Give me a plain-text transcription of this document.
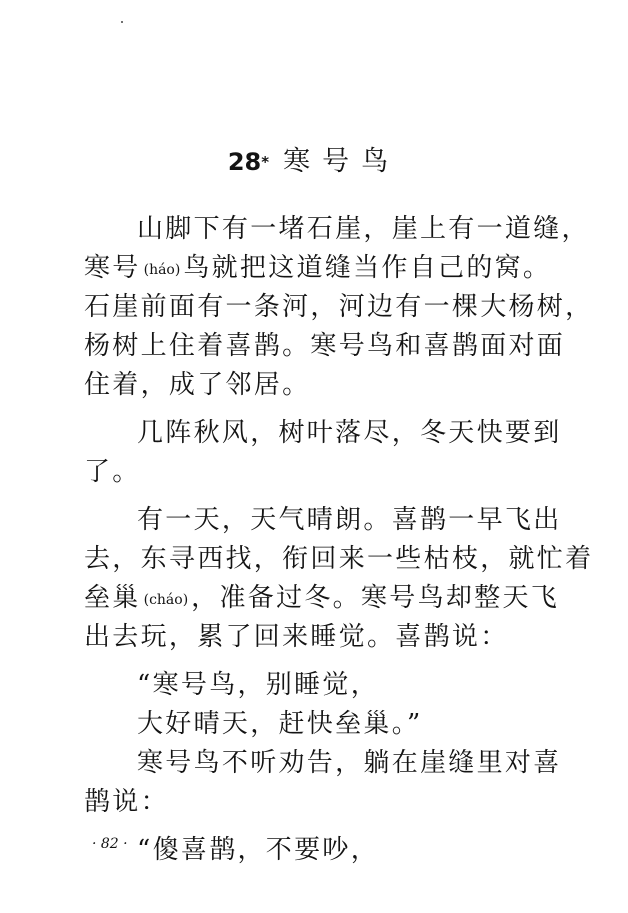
28* 寒号鸟
山脚下有一堵石崖，崖上有一道缝，
寒号 (háo) 鸟就把这道缝当作自己的窝。
石崖前面有一条河，河边有一棵大杨树，
杨树上住着喜鹊。寒号鸟和喜鹊面对面
住着，成了邻居。
几阵秋风，树叶落尽，冬天快要到
了。
有一天，天气晴朗。喜鹊一早飞出
去，东寻西找，衔回来一些枯枝，就忙着
垒巢 (cháo) ，准备过冬。寒号鸟却整天飞
出去玩，累了回来睡觉。喜鹊说：
“寒号鸟，别睡觉，
大好晴天，赶快垒巢。”
寒号鸟不听劝告，躺在崖缝里对喜
鹊说：
“傻喜鹊，不要吵，
· 82 ·
